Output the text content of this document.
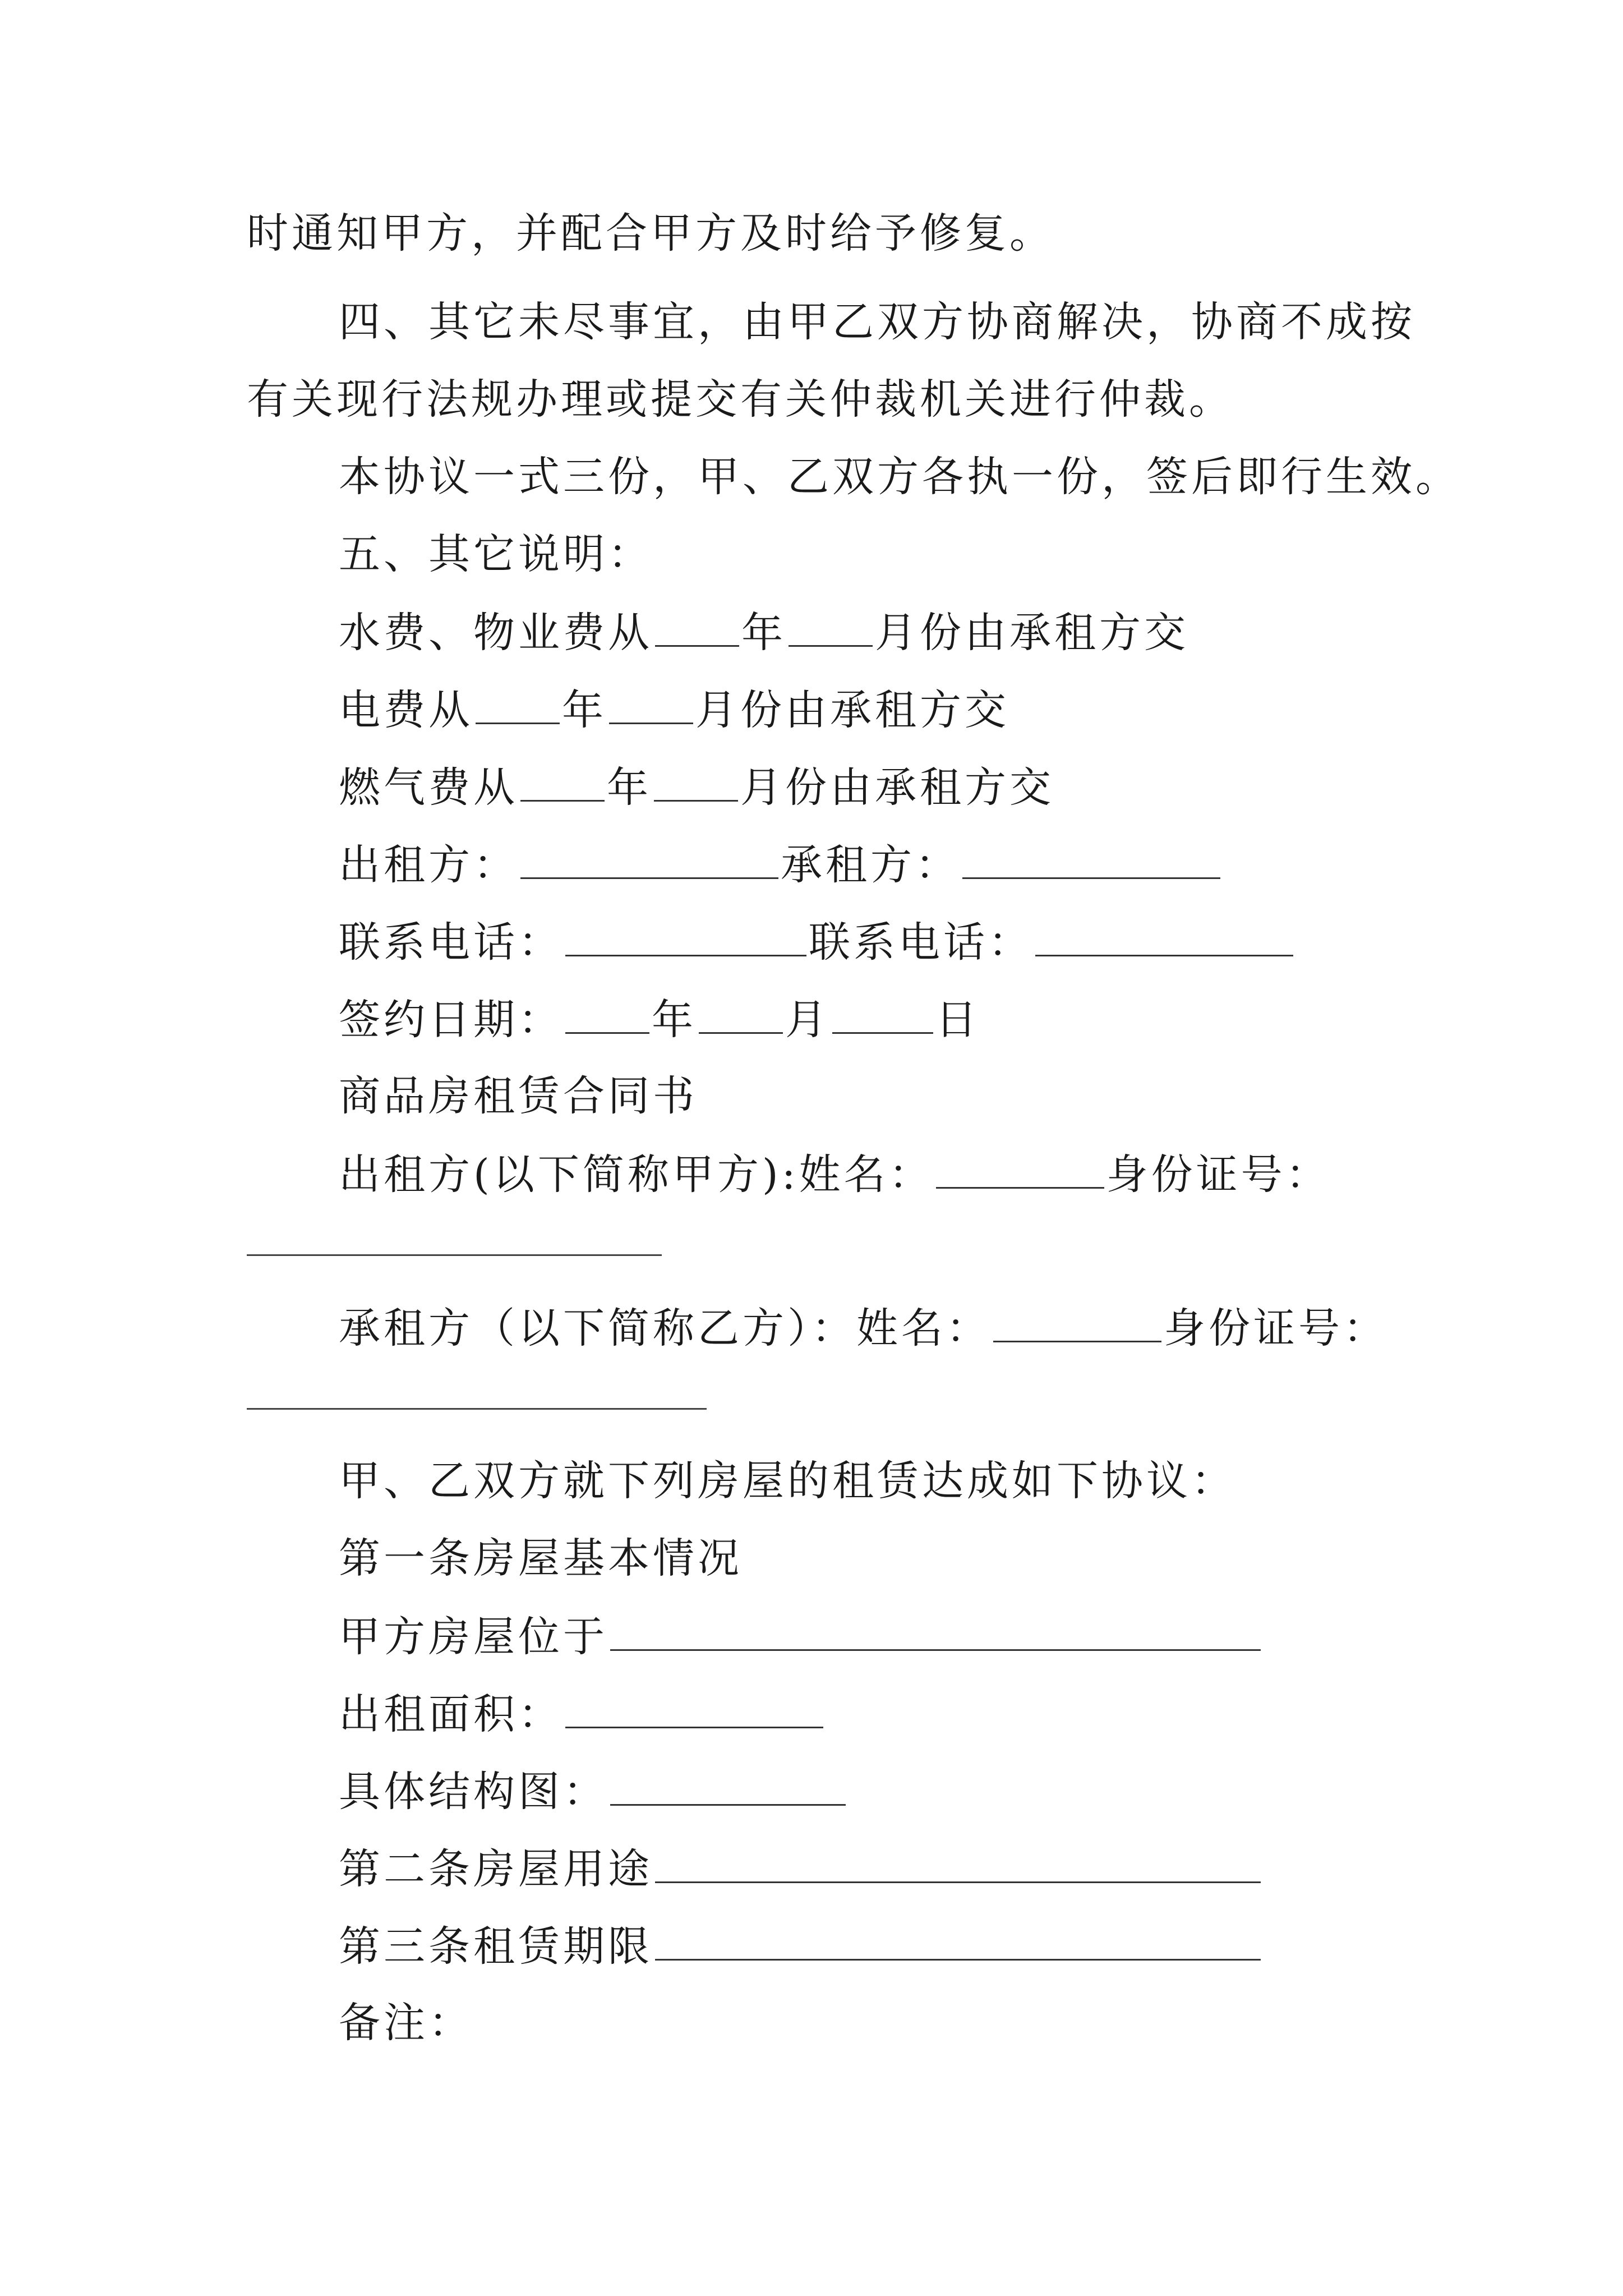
时通知甲方，并配合甲方及时给予修复。
四、其它未尽事宜，由甲乙双方协商解决，协商不成按
有关现行法规办理或提交有关仲裁机关进行仲裁。
本协议一式三份，甲、乙双方各执一份，签后即行生效。
五、其它说明：
水费、物业费从 年 月份由承租方交
电费从 年 月份由承租方交
燃气费从 年 月份由承租方交
出租方：	承租方：
联系电话：	联系电话：
签约日期： 年 月	日
商品房租赁合同书
出租方(以下简称甲方):姓名：	身份证号：
承租方（以下简称乙方）：姓名：	身份证号：
甲、乙双方就下列房屋的租赁达成如下协议：
第一条房屋基本情况
甲方房屋位于
出租面积：
具体结构图：
第二条房屋用途
第三条租赁期限
备注：
